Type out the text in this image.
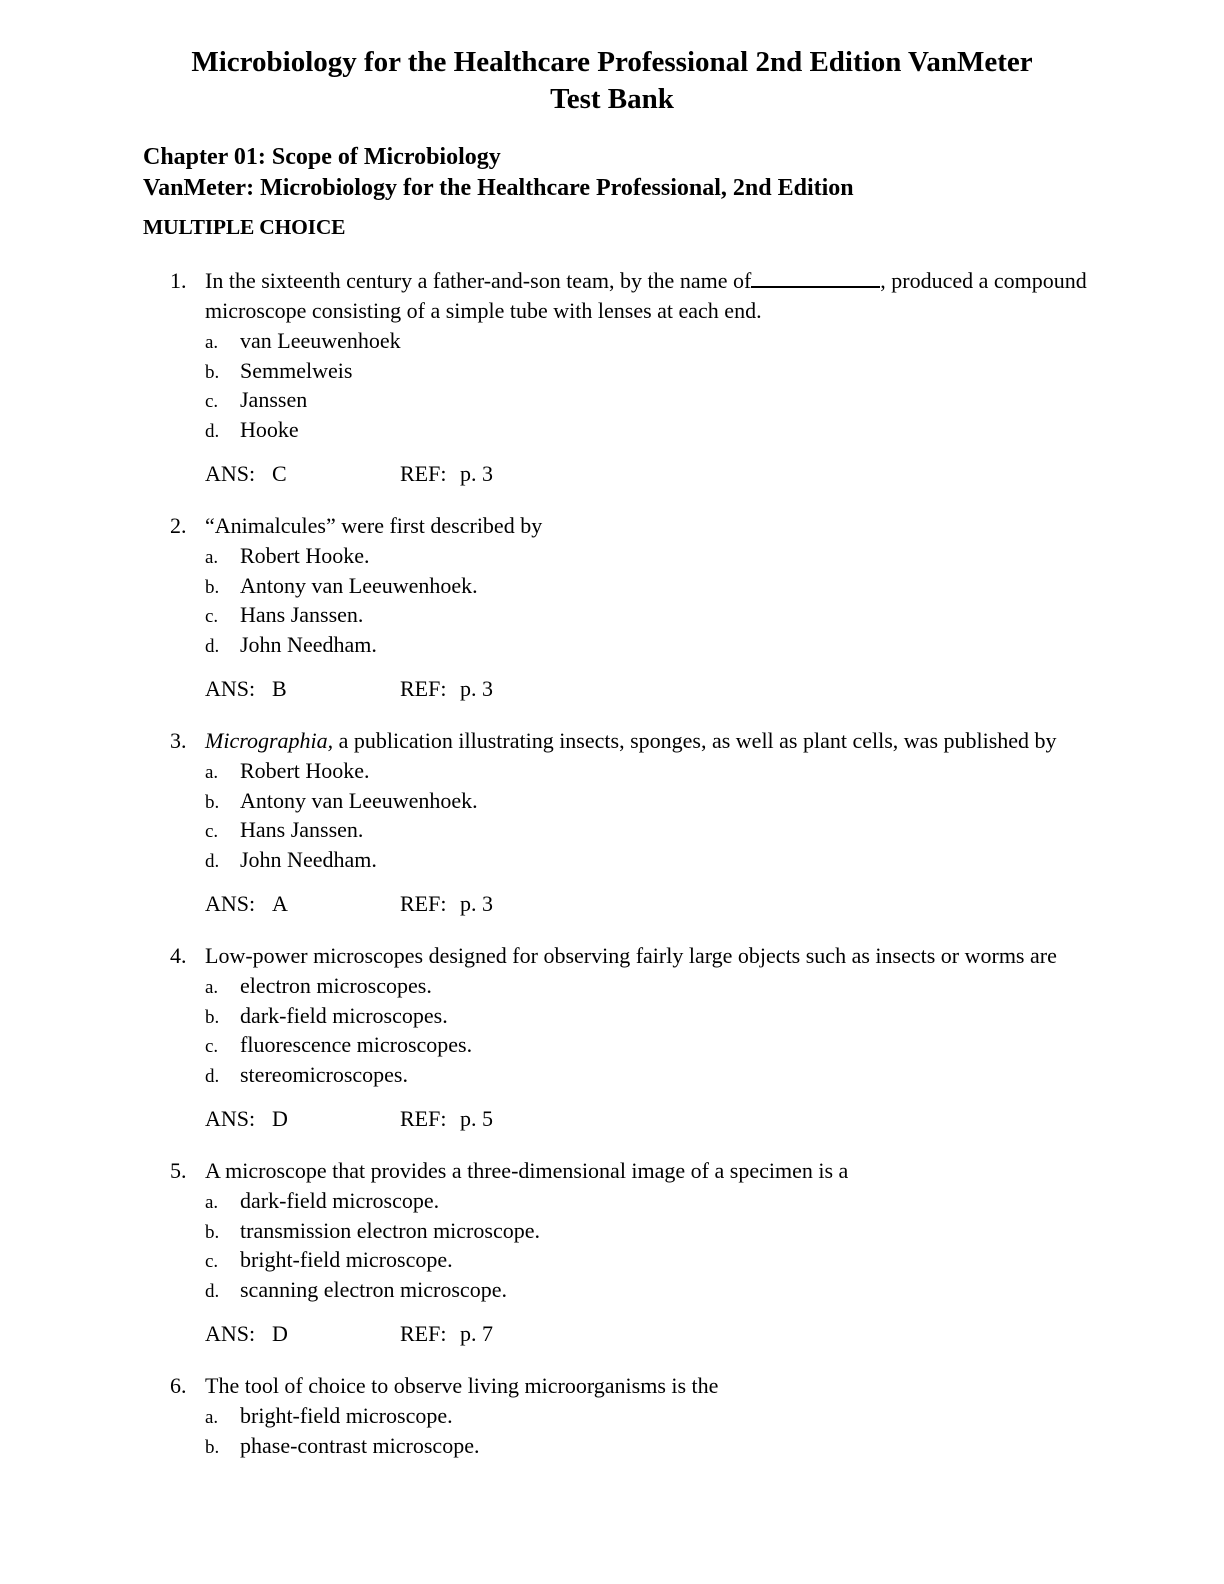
Microbiology for the Healthcare Professional 2nd Edition VanMeter
Test Bank
Chapter 01: Scope of Microbiology
VanMeter: Microbiology for the Healthcare Professional, 2nd Edition
MULTIPLE CHOICE
1. In the sixteenth century a father-and-son team, by the name of	, produced a compound microscope consisting of a simple tube with lenses at each end.
a. van Leeuwenhoek
b. Semmelweis
c. Janssen
d. Hooke
ANS: C	REF: p. 3
2. “Animalcules” were first described by
a. Robert Hooke.
b. Antony van Leeuwenhoek.
c. Hans Janssen.
d. John Needham.
ANS: B	REF: p. 3
3. Micrographia, a publication illustrating insects, sponges, as well as plant cells, was published by
a. Robert Hooke.
b. Antony van Leeuwenhoek.
c. Hans Janssen.
d. John Needham.
ANS: A	REF: p. 3
4. Low-power microscopes designed for observing fairly large objects such as insects or worms are
a. electron microscopes.
b. dark-field microscopes.
c. fluorescence microscopes.
d. stereomicroscopes.
ANS: D	REF: p. 5
5. A microscope that provides a three-dimensional image of a specimen is a
a. dark-field microscope.
b. transmission electron microscope.
c. bright-field microscope.
d. scanning electron microscope.
ANS: D	REF: p. 7
6. The tool of choice to observe living microorganisms is the
a. bright-field microscope.
b. phase-contrast microscope.
